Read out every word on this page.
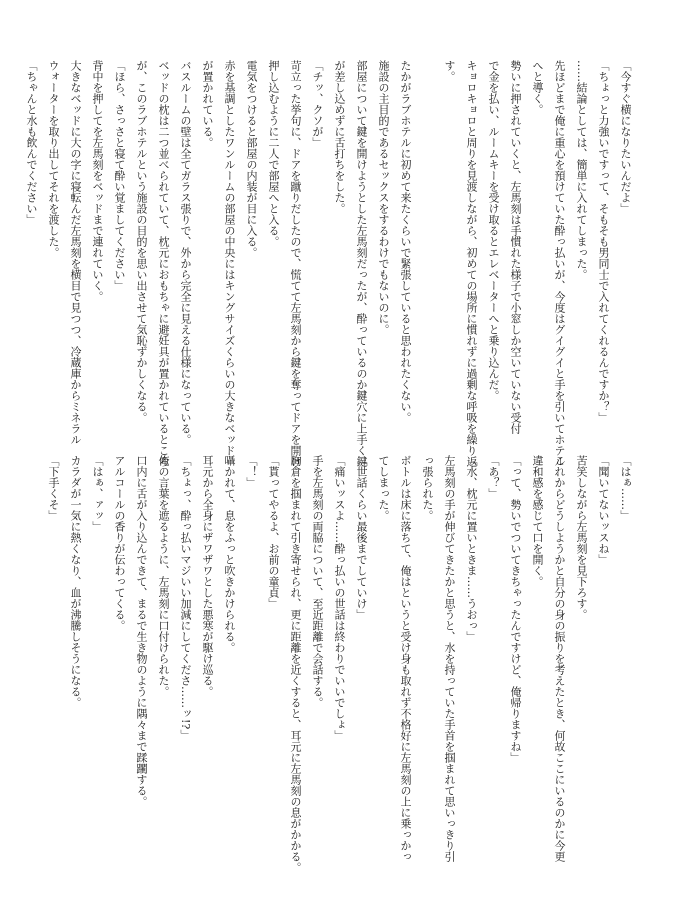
「今すぐ横になりたいんだよ」
「ちょっと力強いですって、そもそも男同士で入れてくれるんですか？」
……結論としては、簡単に入れてしまった。
先ほどまで俺に重心を預けていた酔っ払いが、今度はグイグイと手を引いてホテル
へと導く。
勢いに押されていくと、左馬刻は手慣れた様子で小窓しか空いていない受付
で金を払い、ルームキーを受け取るとエレベーターへと乗り込んだ。
キョロキョロと周りを見渡しながら、初めての場所に慣れずに過剰な呼吸を繰り返
す。

たかがラブホテルに初めて来たくらいで緊張していると思われたくない。
施設の主目的であるセックスをするわけでもないのに。
部屋について鍵を開けようとした左馬刻だったが、酔っているのか鍵穴に上手く鍵
が差し込めずに舌打ちをした。
「チッ、クソが」
苛立った挙句に、ドアを蹴りだしたので、慌てて左馬刻から鍵を奪ってドアを開け
押し込むように二人で部屋へと入る。
電気をつけると部屋の内装が目に入る。
赤を基調としたワンルームの部屋の中央にはキングサイズくらいの大きなベッド
が置かれている。
バスルームの壁は全てガラス張りで、外から完全に見える仕様になっている。
ベッドの枕は二つ並べられていて、枕元におもちゃに避妊具が置かれているところ
が、このラブホテルという施設の目的を思い出させて気恥ずかしくなる。
「ほら、さっさと寝て酔い覚ましてください」
背中を押してを左馬刻をベッドまで連れていく。
大きなベッドに大の字に寝転んだ左馬刻を横目で見つつ、冷蔵庫からミネラル
ウォーターを取り出してそれを渡した。
「ちゃんと水も飲んでください」
「はぁ……」
「聞いてないッスね」
苦笑しながら左馬刻を見下ろす。
これからどうしようかと自分の身の振りを考えたとき、何故ここにいるのかに今更
違和感を感じて口を開く。
「って、勢いでついてきちゃったんですけど、俺帰りますね」
「あ？」
「水、枕元に置いときま……うおっ」
左馬刻の手が伸びてきたかと思うと、水を持っていた手首を掴まれて思いっきり引
っ張られた。
ボトルは床に落ちて、俺はというと受け身も取れず不格好に左馬刻の上に乗っかっ
てしまった。
「世話くらい最後までしていけ」
「痛いッスよ……酔っ払いの世話は終わりでいいでしょ」
手を左馬刻の両脇について、至近距離で会話する。
胸倉を掴まれて引き寄せられ、更に距離を近くすると、耳元に左馬刻の息がかかる。
「貰ってやるよ、お前の童貞」
「！」
囁かれて、息をふっと吹きかけられる。
耳元から全身にザワザワとした悪寒が駆け巡る。
「ちょっ、酔っ払いマジいい加減にしてくださ……ッ!?」
俺の言葉を遮るように、左馬刻に口付けられた。
口内に舌が入り込んできて、まるで生き物のように隅々まで蹂躙する。
アルコールの香りが伝わってくる。
「はぁ、ァッ」
カラダが一気に熱くなり、血が沸騰しそうになる。
「下手くそ」
